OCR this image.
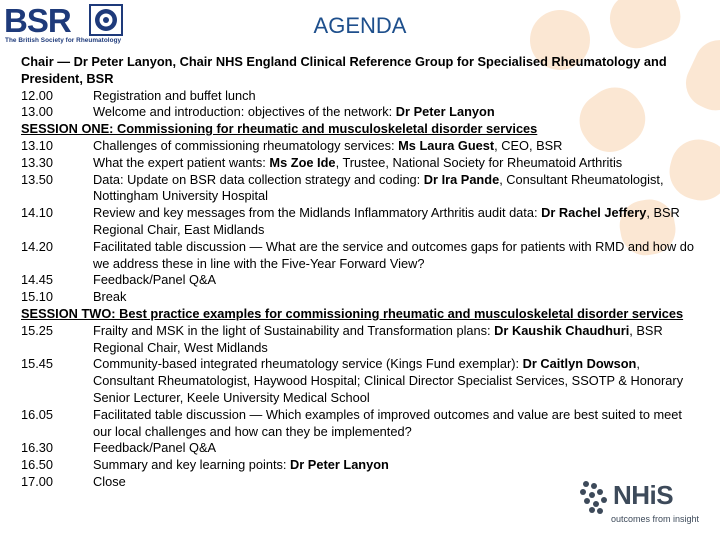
BSR
The British Society for Rheumatology
AGENDA
Chair — Dr Peter Lanyon, Chair NHS England Clinical Reference Group for Specialised Rheumatology and President, BSR
12.00	Registration and buffet lunch
13.00	Welcome and introduction: objectives of the network: Dr Peter Lanyon
SESSION ONE: Commissioning for rheumatic and musculoskeletal disorder services
13.10	Challenges of commissioning rheumatology services: Ms Laura Guest, CEO, BSR
13.30	What the expert patient wants: Ms Zoe Ide, Trustee, National Society for Rheumatoid Arthritis
13.50	Data: Update on BSR data collection strategy and coding: Dr Ira Pande, Consultant Rheumatologist, Nottingham University Hospital
14.10	Review and key messages from the Midlands Inflammatory Arthritis audit data: Dr Rachel Jeffery, BSR Regional Chair, East Midlands
14.20	Facilitated table discussion — What are the service and outcomes gaps for patients with RMD and how do we address these in line with the Five-Year Forward View?
14.45	Feedback/Panel Q&A
15.10	Break
SESSION TWO: Best practice examples for commissioning rheumatic and musculoskeletal disorder services
15.25	Frailty and MSK in the light of Sustainability and Transformation plans: Dr Kaushik Chaudhuri, BSR Regional Chair, West Midlands
15.45	Community-based integrated rheumatology service (Kings Fund exemplar): Dr Caitlyn Dowson, Consultant Rheumatologist, Haywood Hospital; Clinical Director Specialist Services, SSOTP & Honorary Senior Lecturer, Keele University Medical School
16.05	Facilitated table discussion — Which examples of improved outcomes and value are best suited to meet our local challenges and how can they be implemented?
16.30	Feedback/Panel Q&A
16.50	Summary and key learning points: Dr Peter Lanyon
17.00	Close	NHiS
outcomes from insight
